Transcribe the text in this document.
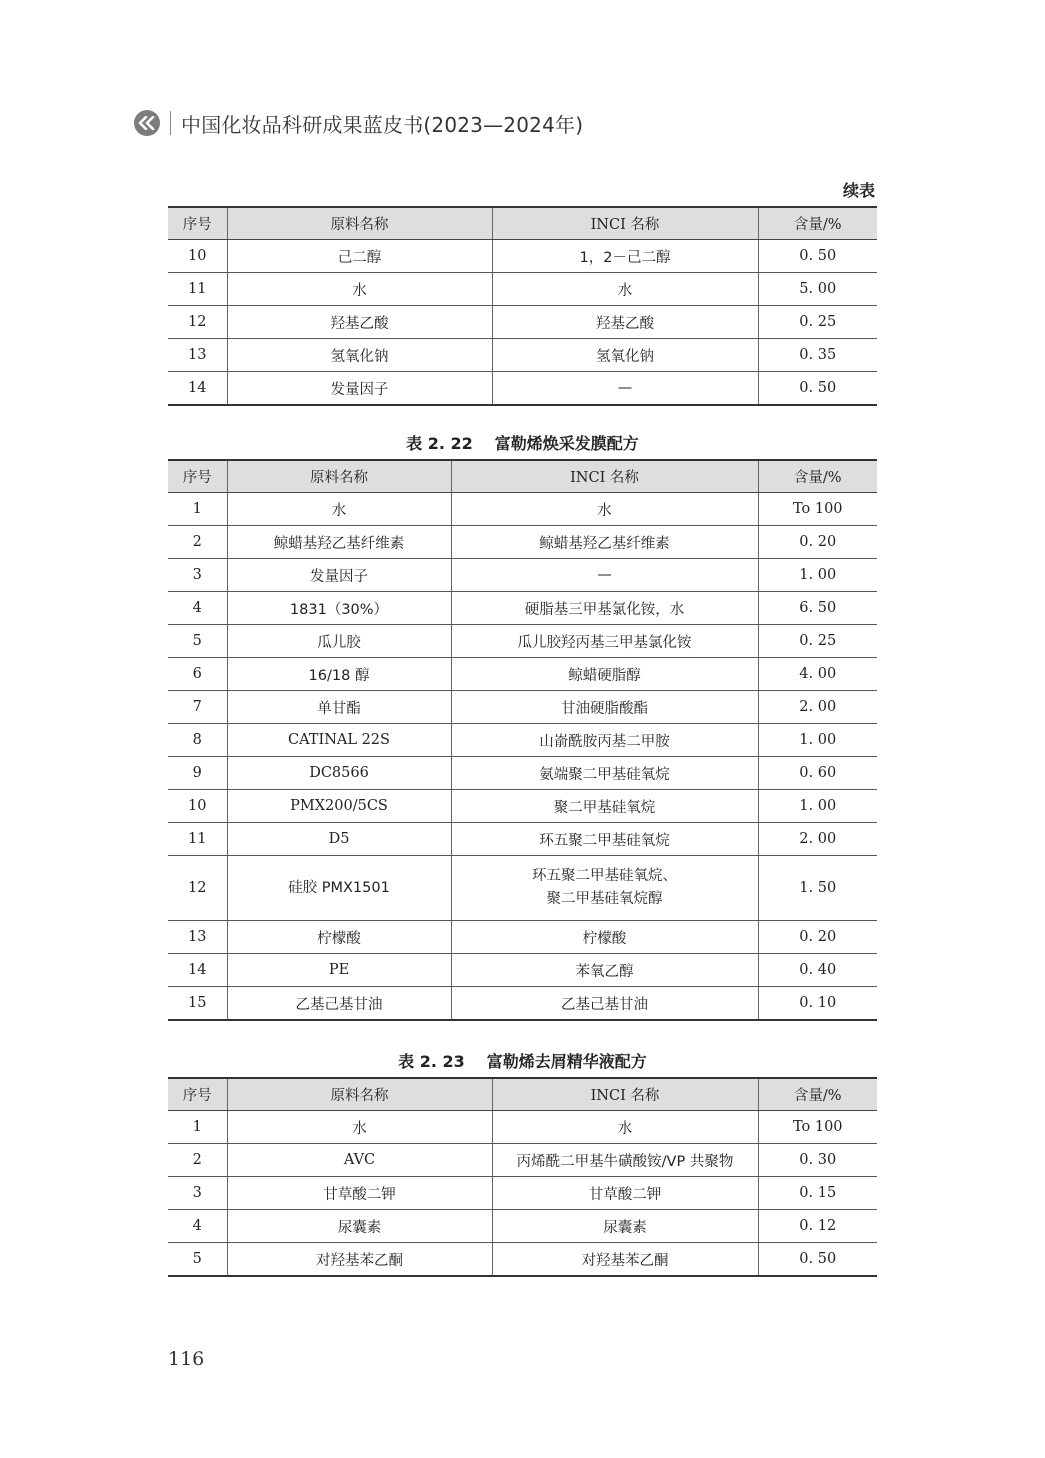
中国化妆品科研成果蓝皮书(2023—2024年)
续表
序号	原料名称	INCI 名称	含量/%
10	己二醇	1，2－己二醇	0. 50
11	水	水	5. 00
12	羟基乙酸	羟基乙酸	0. 25
13	氢氧化钠	氢氧化钠	0. 35
14	发量因子	—	0. 50
表 2. 22 富勒烯焕采发膜配方
序号	原料名称	INCI 名称	含量/%
1	水	水	To 100
2	鲸蜡基羟乙基纤维素	鲸蜡基羟乙基纤维素	0. 20
3	发量因子	—	1. 00
4	1831（30%）	硬脂基三甲基氯化铵，水	6. 50
5	瓜儿胶	瓜儿胶羟丙基三甲基氯化铵	0. 25
6	16/18 醇	鲸蜡硬脂醇	4. 00
7	单甘酯	甘油硬脂酸酯	2. 00
8	CATINAL 22S	山嵛酰胺丙基二甲胺	1. 00
9	DC8566	氨端聚二甲基硅氧烷	0. 60
10	PMX200/5CS	聚二甲基硅氧烷	1. 00
11	D5	环五聚二甲基硅氧烷	2. 00
12	硅胶 PMX1501	环五聚二甲基硅氧烷、
聚二甲基硅氧烷醇	1. 50
13	柠檬酸	柠檬酸	0. 20
14	PE	苯氧乙醇	0. 40
15	乙基己基甘油	乙基己基甘油	0. 10
表 2. 23 富勒烯去屑精华液配方
序号	原料名称	INCI 名称	含量/%
1	水	水	To 100
2	AVC	丙烯酰二甲基牛磺酸铵/VP 共聚物	0. 30
3	甘草酸二钾	甘草酸二钾	0. 15
4	尿囊素	尿囊素	0. 12
5	对羟基苯乙酮	对羟基苯乙酮	0. 50
116
